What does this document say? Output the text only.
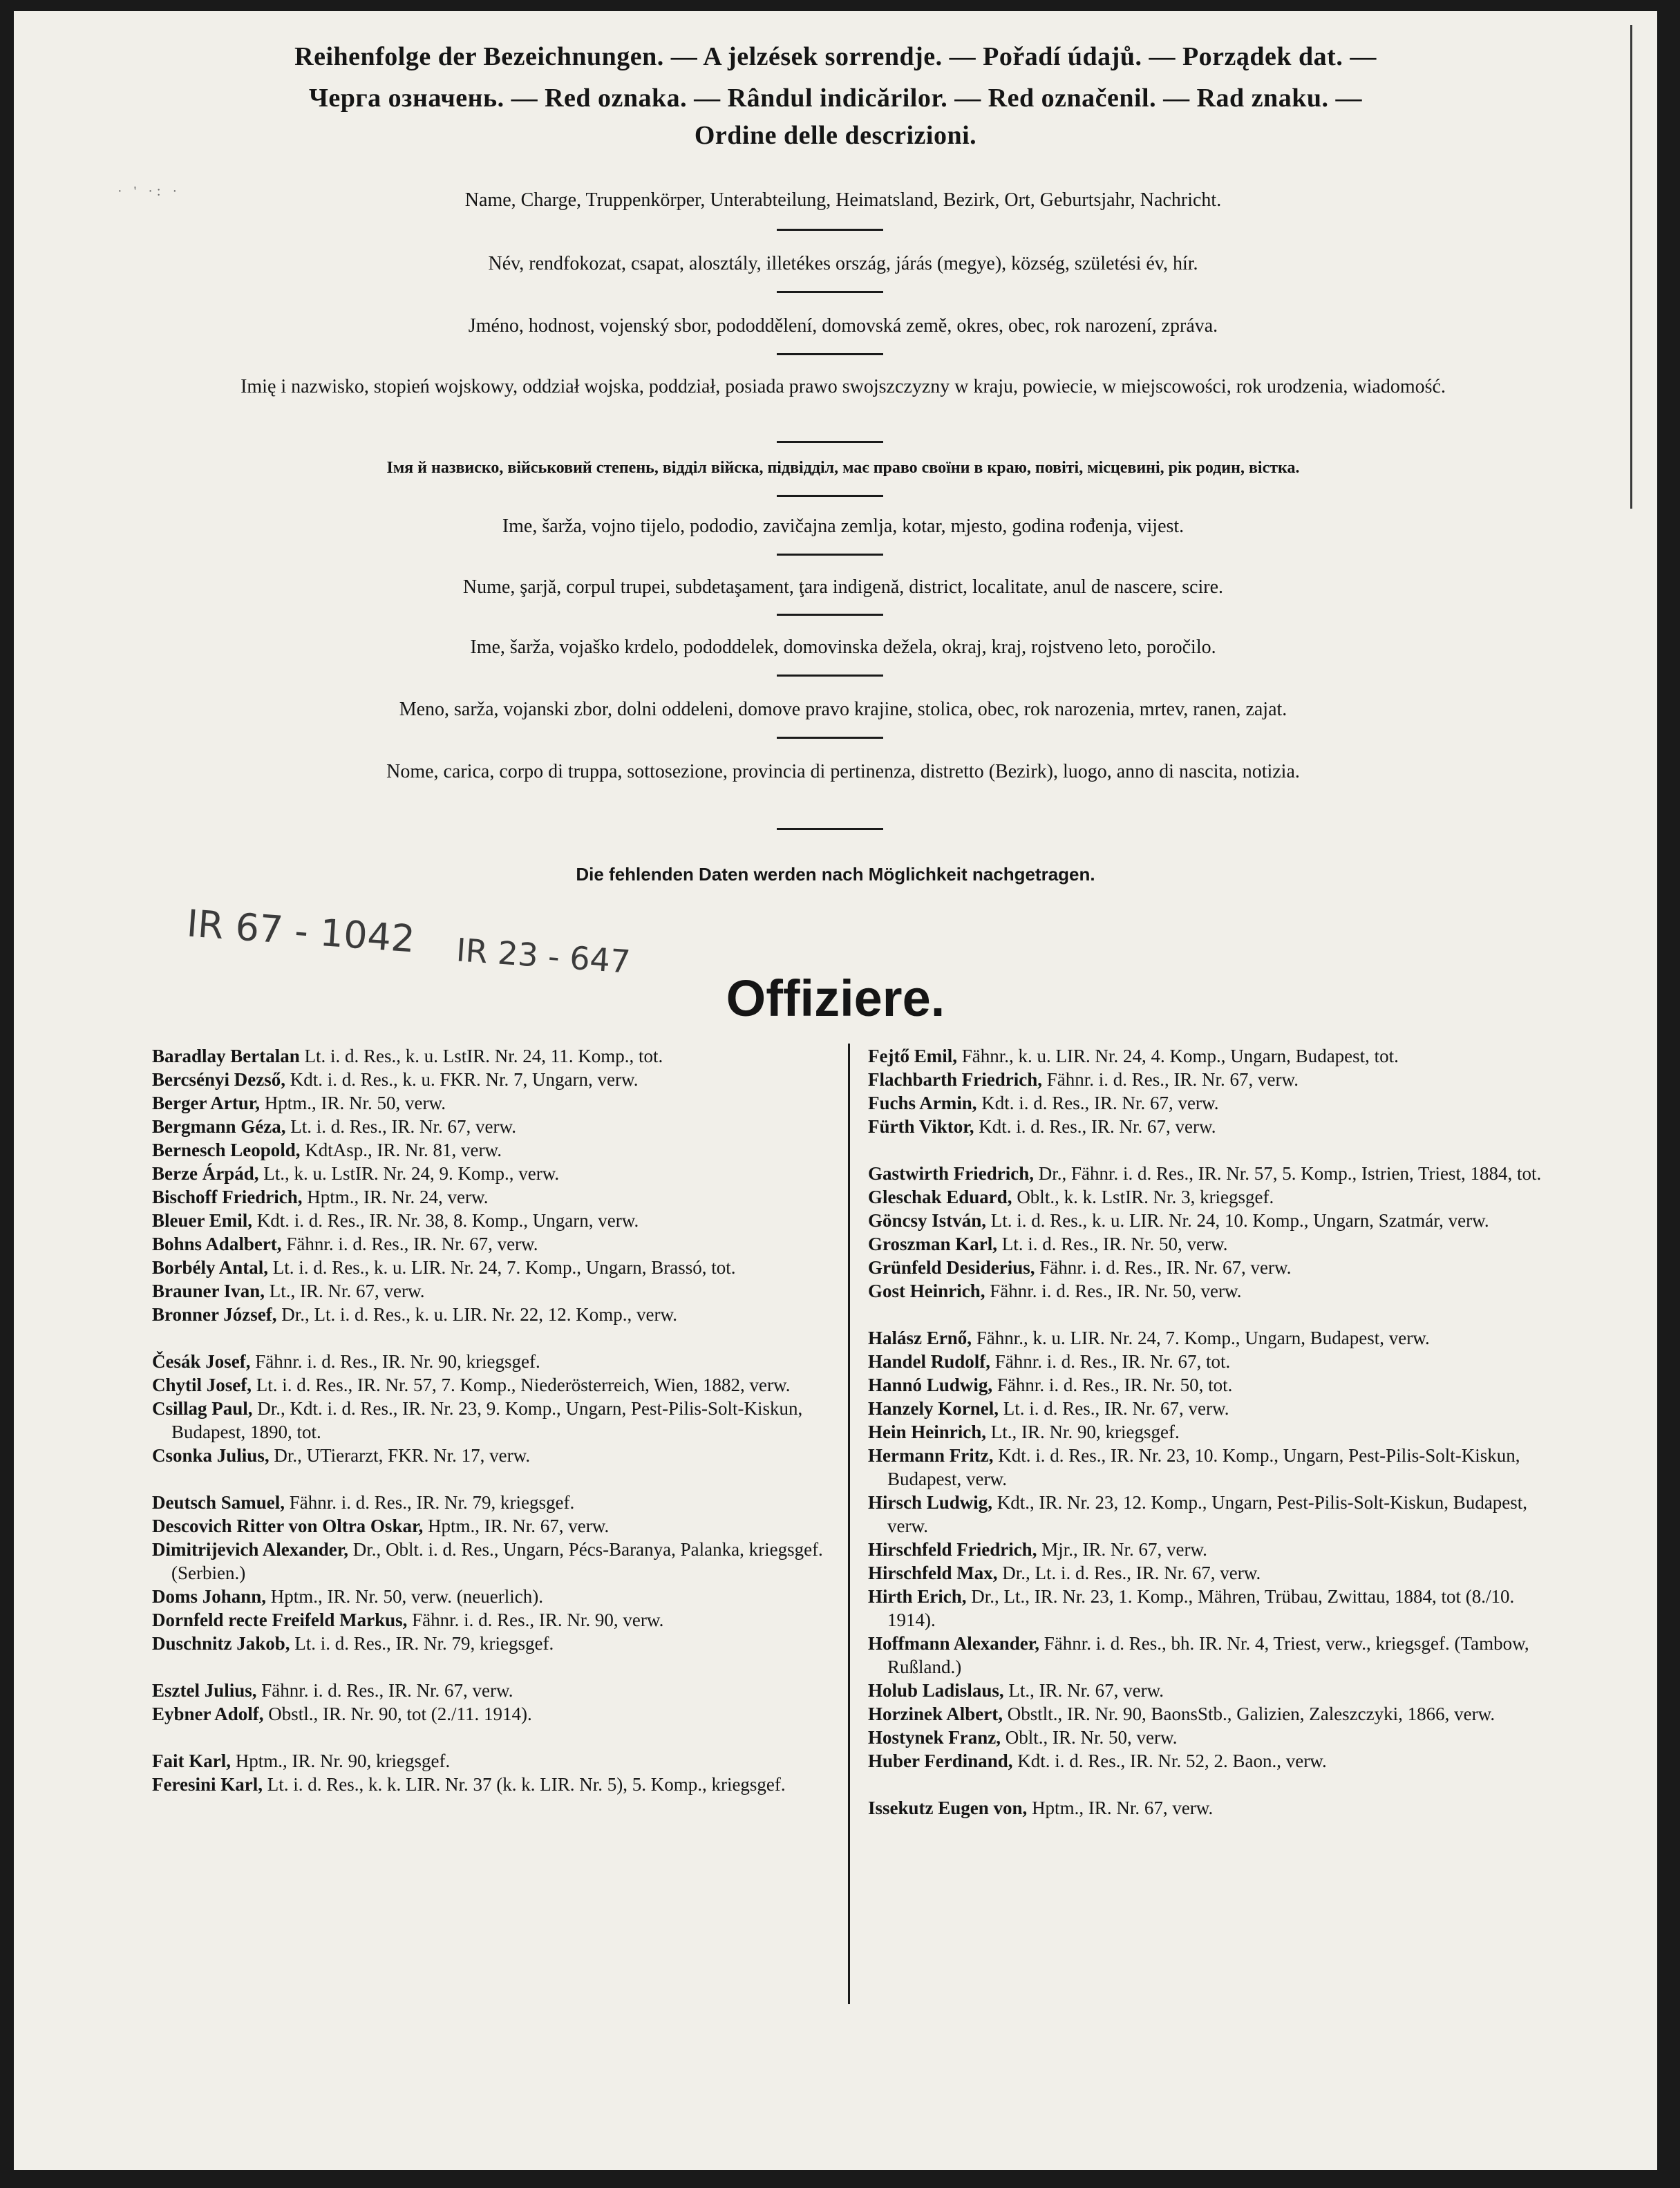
Reihenfolge der Bezeichnungen. — A jelzések sorrendje. — Pořadí údajů. — Porządek dat. —
Черга означень. — Red oznaka. — Rândul indicărilor. — Red označenil. — Rad znaku. —
Ordine delle descrizioni.
· ' ·: ·	Name, Charge, Truppenkörper, Unterabteilung, Heimatsland, Bezirk, Ort, Geburtsjahr, Nachricht.
Név, rendfokozat, csapat, alosztály, illetékes ország, járás (megye), község, születési év, hír.
Jméno, hodnost, vojenský sbor, pododdělení, domovská země, okres, obec, rok narození, zpráva.
Imię i nazwisko, stopień wojskowy, oddział wojska, poddział, posiada prawo swojszczyzny w kraju, powiecie, w miejscowości, rok urodzenia, wiadomość.
Імя й назвиско, військовий степень, відділ війска, підвідділ, має право своїни в краю, повіті, місцевині, рік родин, вістка.
Ime, šarža, vojno tijelo, pododio, zavičajna zemlja, kotar, mjesto, godina rođenja, vijest.
Nume, şarjă, corpul trupei, subdetaşament, ţara indigenă, district, localitate, anul de nascere, scire.
Ime, šarža, vojaško krdelo, pododdelek, domovinska dežela, okraj, kraj, rojstveno leto, poročilo.
Meno, sarža, vojanski zbor, dolni oddeleni, domove pravo krajine, stolica, obec, rok narozenia, mrtev, ranen, zajat.
Nome, carica, corpo di truppa, sottosezione, provincia di pertinenza, distretto (Bezirk), luogo, anno di nascita, notizia.
Die fehlenden Daten werden nach Möglichkeit nachgetragen.
IR 67 - 1042 IR 23 - 647
Offiziere.
Baradlay Bertalan Lt. i. d. Res., k. u. LstIR. Nr. 24, 11. Komp., tot.
Bercsényi Dezső, Kdt. i. d. Res., k. u. FKR. Nr. 7, Ungarn, verw.
Berger Artur, Hptm., IR. Nr. 50, verw.
Bergmann Géza, Lt. i. d. Res., IR. Nr. 67, verw.
Bernesch Leopold, KdtAsp., IR. Nr. 81, verw.
Berze Árpád, Lt., k. u. LstIR. Nr. 24, 9. Komp., verw.
Bischoff Friedrich, Hptm., IR. Nr. 24, verw.
Bleuer Emil, Kdt. i. d. Res., IR. Nr. 38, 8. Komp., Ungarn, verw.
Bohns Adalbert, Fähnr. i. d. Res., IR. Nr. 67, verw.
Borbély Antal, Lt. i. d. Res., k. u. LIR. Nr. 24, 7. Komp., Ungarn, Brassó, tot.
Brauner Ivan, Lt., IR. Nr. 67, verw.
Bronner József, Dr., Lt. i. d. Res., k. u. LIR. Nr. 22, 12. Komp., verw.
Česák Josef, Fähnr. i. d. Res., IR. Nr. 90, kriegsgef.
Chytil Josef, Lt. i. d. Res., IR. Nr. 57, 7. Komp., Niederösterreich, Wien, 1882, verw.
Csillag Paul, Dr., Kdt. i. d. Res., IR. Nr. 23, 9. Komp., Ungarn, Pest-Pilis-Solt-Kiskun, Budapest, 1890, tot.
Csonka Julius, Dr., UTierarzt, FKR. Nr. 17, verw.
Deutsch Samuel, Fähnr. i. d. Res., IR. Nr. 79, kriegsgef.
Descovich Ritter von Oltra Oskar, Hptm., IR. Nr. 67, verw.
Dimitrijevich Alexander, Dr., Oblt. i. d. Res., Ungarn, Pécs-Baranya, Palanka, kriegsgef. (Serbien.)
Doms Johann, Hptm., IR. Nr. 50, verw. (neuerlich).
Dornfeld recte Freifeld Markus, Fähnr. i. d. Res., IR. Nr. 90, verw.
Duschnitz Jakob, Lt. i. d. Res., IR. Nr. 79, kriegsgef.
Esztel Julius, Fähnr. i. d. Res., IR. Nr. 67, verw.
Eybner Adolf, Obstl., IR. Nr. 90, tot (2./11. 1914).
Fait Karl, Hptm., IR. Nr. 90, kriegsgef.
Feresini Karl, Lt. i. d. Res., k. k. LIR. Nr. 37 (k. k. LIR. Nr. 5), 5. Komp., kriegsgef.
Fejtő Emil, Fähnr., k. u. LIR. Nr. 24, 4. Komp., Ungarn, Budapest, tot.
Flachbarth Friedrich, Fähnr. i. d. Res., IR. Nr. 67, verw.
Fuchs Armin, Kdt. i. d. Res., IR. Nr. 67, verw.
Fürth Viktor, Kdt. i. d. Res., IR. Nr. 67, verw.
Gastwirth Friedrich, Dr., Fähnr. i. d. Res., IR. Nr. 57, 5. Komp., Istrien, Triest, 1884, tot.
Gleschak Eduard, Oblt., k. k. LstIR. Nr. 3, kriegsgef.
Göncsy István, Lt. i. d. Res., k. u. LIR. Nr. 24, 10. Komp., Ungarn, Szatmár, verw.
Groszman Karl, Lt. i. d. Res., IR. Nr. 50, verw.
Grünfeld Desiderius, Fähnr. i. d. Res., IR. Nr. 67, verw.
Gost Heinrich, Fähnr. i. d. Res., IR. Nr. 50, verw.
Halász Ernő, Fähnr., k. u. LIR. Nr. 24, 7. Komp., Ungarn, Budapest, verw.
Handel Rudolf, Fähnr. i. d. Res., IR. Nr. 67, tot.
Hannó Ludwig, Fähnr. i. d. Res., IR. Nr. 50, tot.
Hanzely Kornel, Lt. i. d. Res., IR. Nr. 67, verw.
Hein Heinrich, Lt., IR. Nr. 90, kriegsgef.
Hermann Fritz, Kdt. i. d. Res., IR. Nr. 23, 10. Komp., Ungarn, Pest-Pilis-Solt-Kiskun, Budapest, verw.
Hirsch Ludwig, Kdt., IR. Nr. 23, 12. Komp., Ungarn, Pest-Pilis-Solt-Kiskun, Budapest, verw.
Hirschfeld Friedrich, Mjr., IR. Nr. 67, verw.
Hirschfeld Max, Dr., Lt. i. d. Res., IR. Nr. 67, verw.
Hirth Erich, Dr., Lt., IR. Nr. 23, 1. Komp., Mähren, Trübau, Zwittau, 1884, tot (8./10. 1914).
Hoffmann Alexander, Fähnr. i. d. Res., bh. IR. Nr. 4, Triest, verw., kriegsgef. (Tambow, Rußland.)
Holub Ladislaus, Lt., IR. Nr. 67, verw.
Horzinek Albert, Obstlt., IR. Nr. 90, BaonsStb., Galizien, Zaleszczyki, 1866, verw.
Hostynek Franz, Oblt., IR. Nr. 50, verw.
Huber Ferdinand, Kdt. i. d. Res., IR. Nr. 52, 2. Baon., verw.
Issekutz Eugen von, Hptm., IR. Nr. 67, verw.
